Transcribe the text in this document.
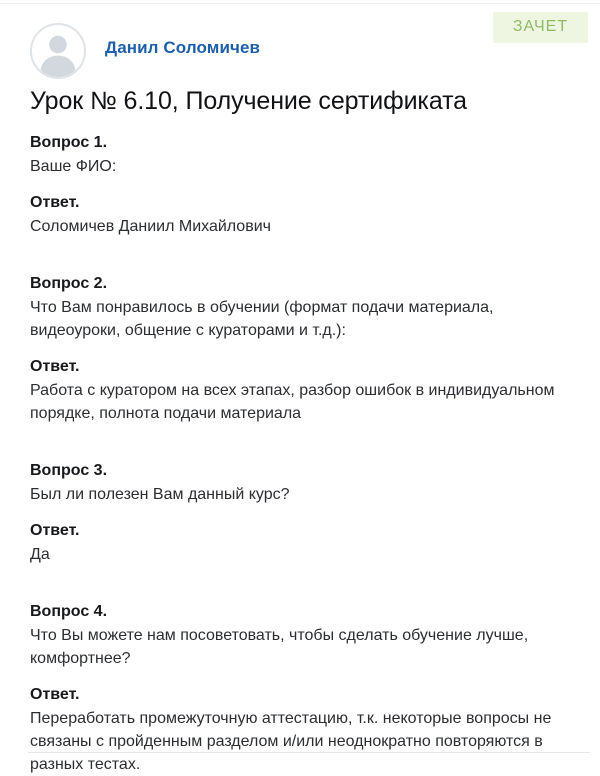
Данил Соломичев
ЗАЧЕТ
Урок № 6.10, Получение сертификата

Вопрос 1.

Ваше ФИО:

Ответ.

Соломичев Даниил Михайлович

Вопрос 2.

Что Вам понравилось в обучении (формат подачи материала, видеоуроки, общение с кураторами и т.д.):

Ответ.

Работа с куратором на всех этапах, разбор ошибок в индивидуальном порядке, полнота подачи материала

Вопрос 3.

Был ли полезен Вам данный курс?

Ответ.

Да

Вопрос 4.

Что Вы можете нам посоветовать, чтобы сделать обучение лучше, комфортнее?

Ответ.

Переработать промежуточную аттестацию, т.к. некоторые вопросы не связаны с пройденным разделом и/или неоднократно повторяются в разных тестах.
